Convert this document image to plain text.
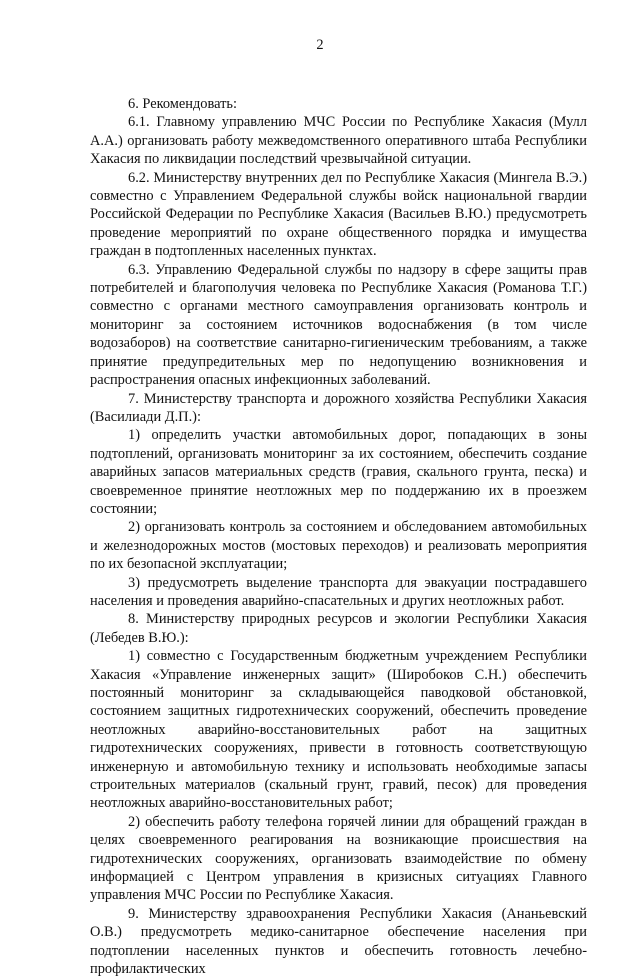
2

6. Рекомендовать:

6.1. Главному управлению МЧС России по Республике Хакасия (Мулл А.А.) организовать работу межведомственного оперативного штаба Республики Хакасия по ликвидации последствий чрезвычайной ситуации.

6.2. Министерству внутренних дел по Республике Хакасия (Мингела В.Э.) совместно с Управлением Федеральной службы войск национальной гвардии Российской Федерации по Республике Хакасия (Васильев В.Ю.) предусмотреть проведение мероприятий по охране общественного порядка и имущества граждан в подтопленных населенных пунктах.

6.3. Управлению Федеральной службы по надзору в сфере защиты прав потребителей и благополучия человека по Республике Хакасия (Романова Т.Г.) совместно с органами местного самоуправления организовать контроль и мониторинг за состоянием источников водоснабжения (в том числе водозаборов) на соответствие санитарно-гигиеническим требованиям, а также принятие предупредительных мер по недопущению возникновения и распространения опасных инфекционных заболеваний.

7. Министерству транспорта и дорожного хозяйства Республики Хакасия (Василиади Д.П.):

1) определить участки автомобильных дорог, попадающих в зоны подтоплений, организовать мониторинг за их состоянием, обеспечить создание аварийных запасов материальных средств (гравия, скального грунта, песка) и своевременное принятие неотложных мер по поддержанию их в проезжем состоянии;

2) организовать контроль за состоянием и обследованием автомобильных и железнодорожных мостов (мостовых переходов) и реализовать мероприятия по их безопасной эксплуатации;

3) предусмотреть выделение транспорта для эвакуации пострадавшего населения и проведения аварийно-спасательных и других неотложных работ.

8. Министерству природных ресурсов и экологии Республики Хакасия (Лебедев В.Ю.):

1) совместно с Государственным бюджетным учреждением Республики Хакасия «Управление инженерных защит» (Широбоков С.Н.) обеспечить постоянный мониторинг за складывающейся паводковой обстановкой, состоянием защитных гидротехнических сооружений, обеспечить проведение неотложных аварийно-восстановительных работ на защитных гидротехнических сооружениях, привести в готовность соответствующую инженерную и автомобильную технику и использовать необходимые запасы строительных материалов (скальный грунт, гравий, песок) для проведения неотложных аварийно-восстановительных работ;

2) обеспечить работу телефона горячей линии для обращений граждан в целях своевременного реагирования на возникающие происшествия на гидротехнических сооружениях, организовать взаимодействие по обмену информацией с Центром управления в кризисных ситуациях Главного управления МЧС России по Республике Хакасия.

9. Министерству здравоохранения Республики Хакасия (Ананьевский О.В.) предусмотреть медико-санитарное обеспечение населения при подтоплении населенных пунктов и обеспечить готовность лечебно-профилактических
